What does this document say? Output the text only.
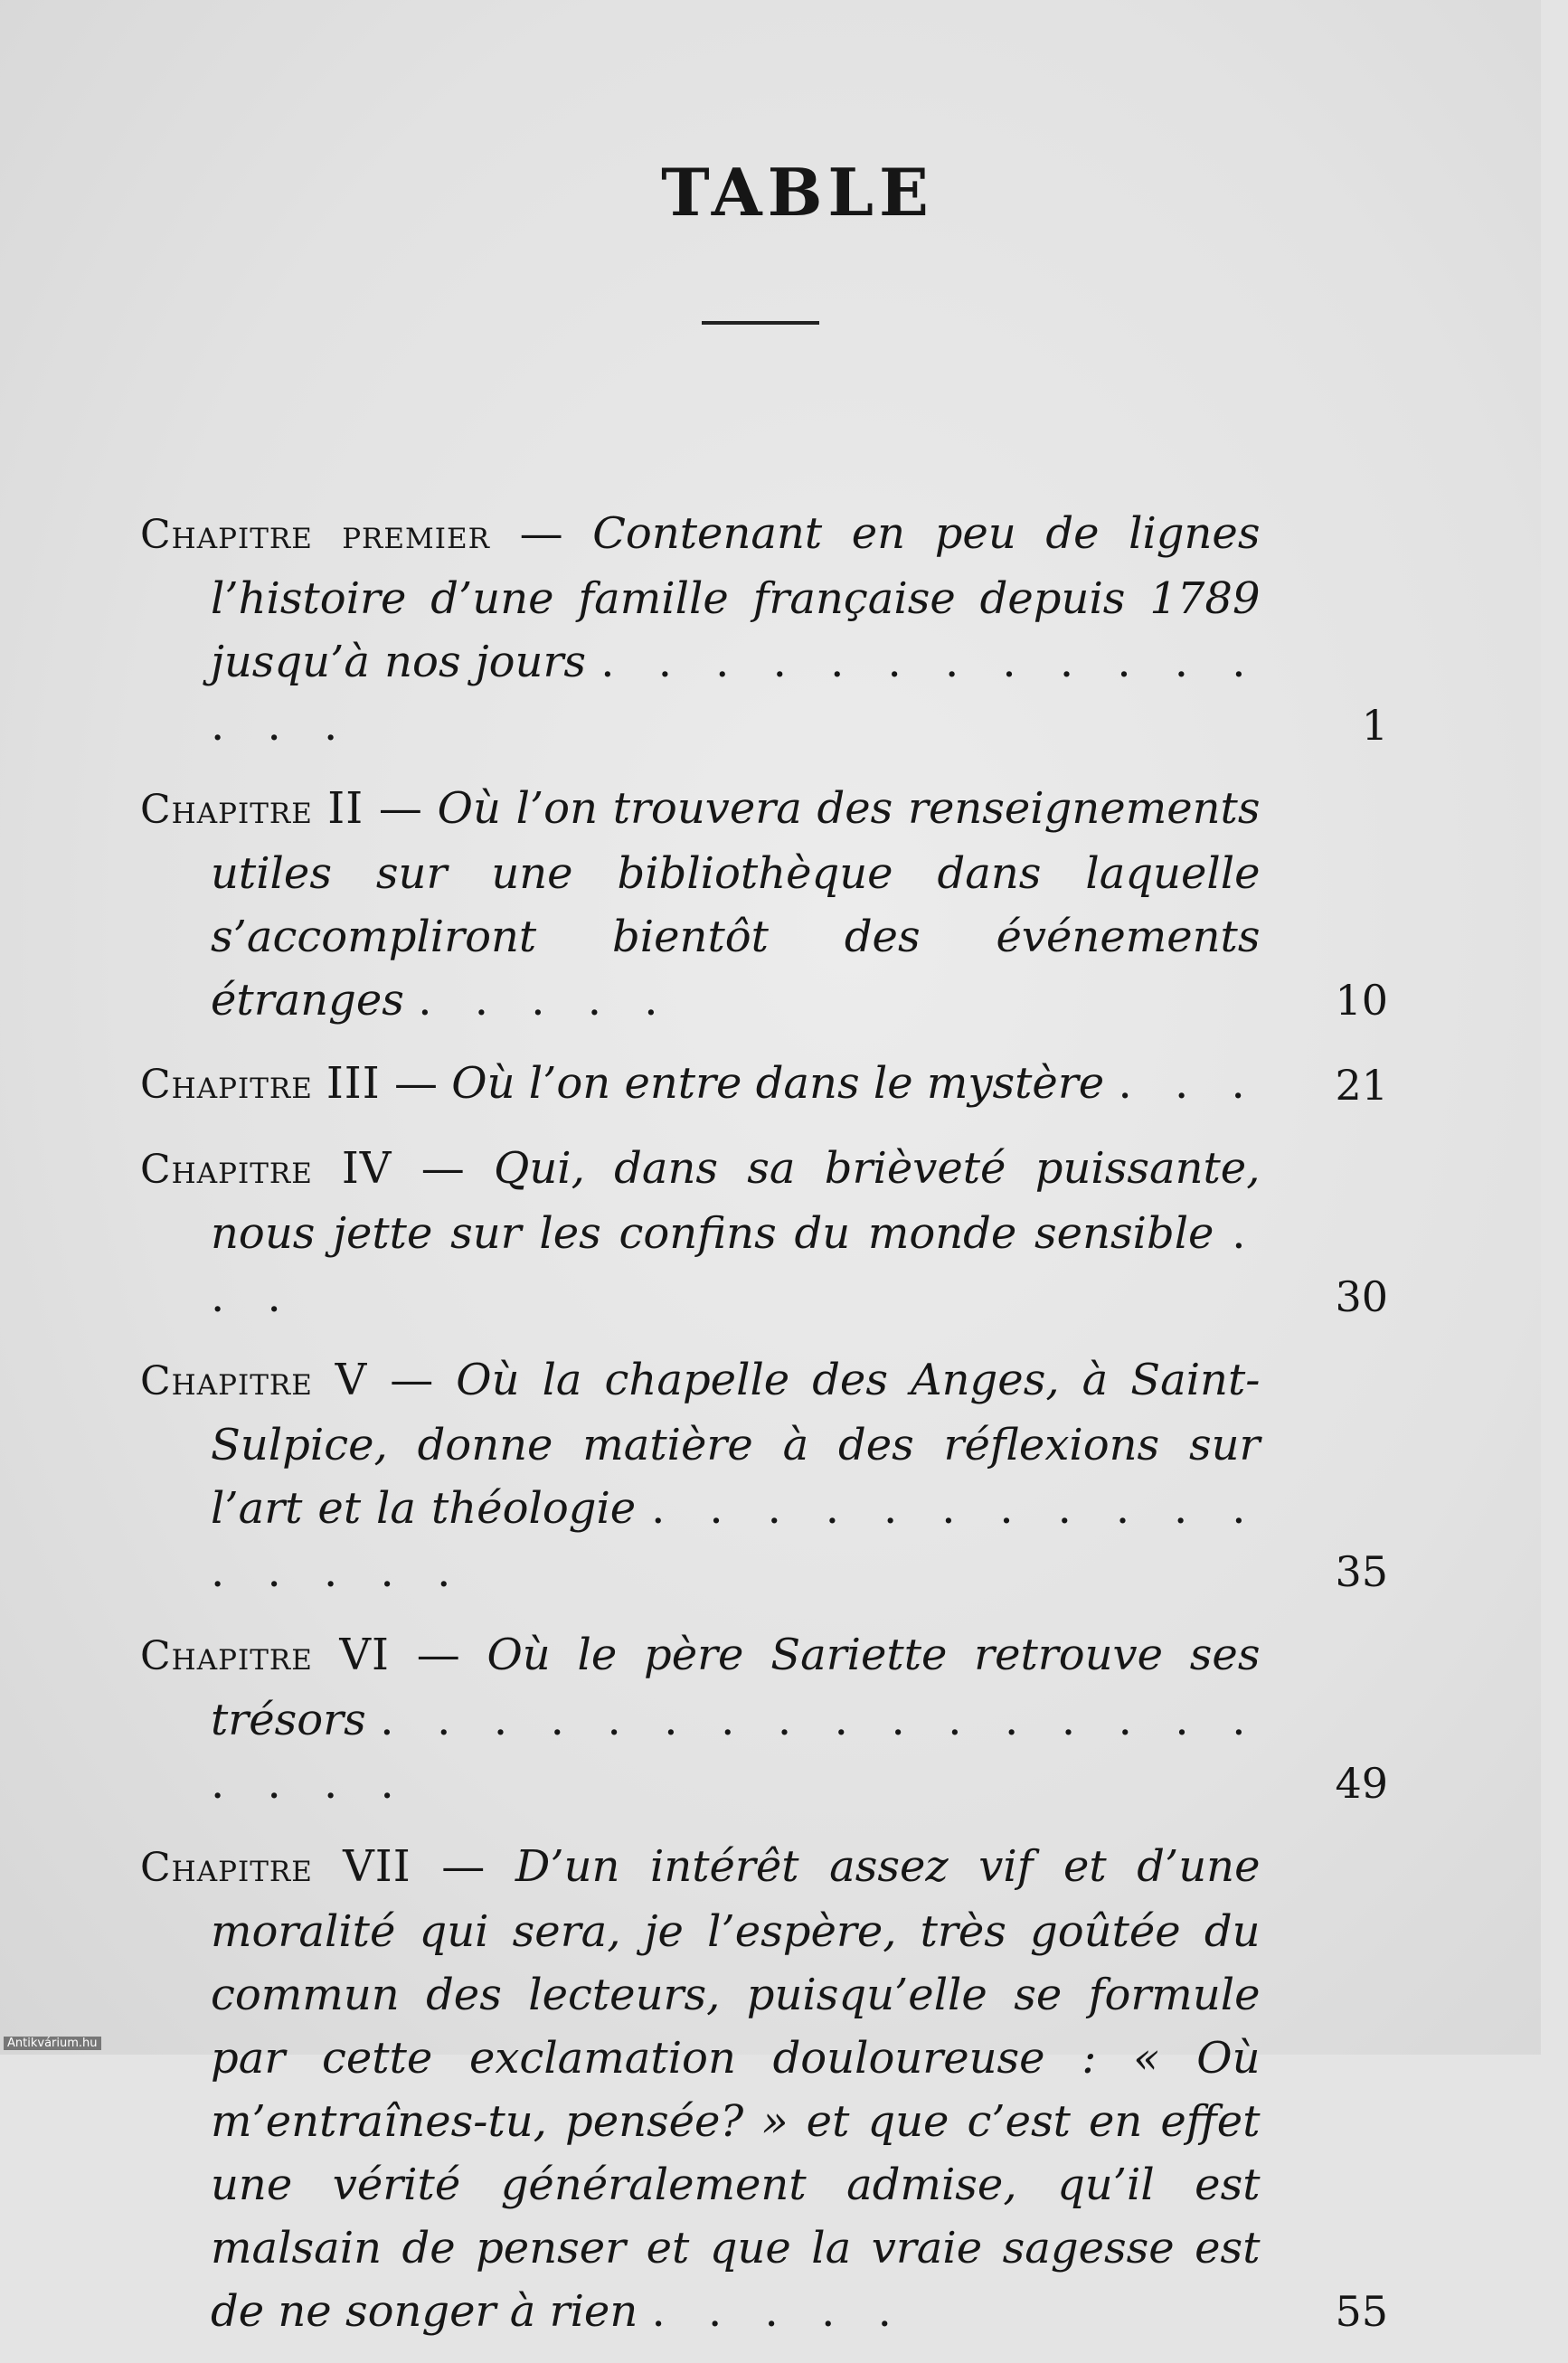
TABLE
Chapitre premier — Contenant en peu de lignes l’histoire d’une famille française depuis 1789 jusqu’à nos jours . . . . . . . . . . . . . . .	1
Chapitre II — Où l’on trouvera des renseignements utiles sur une bibliothèque dans laquelle s’accompliront bientôt des événements étranges . . . . .	10
Chapitre III — Où l’on entre dans le mystère . . .	21
Chapitre IV — Qui, dans sa brièveté puissante, nous jette sur les confins du monde sensible . . .	30
Chapitre V — Où la chapelle des Anges, à Saint-Sulpice, donne matière à des réflexions sur l’art et la théologie . . . . . . . . . . . . . . . .	35
Chapitre VI — Où le père Sariette retrouve ses trésors . . . . . . . . . . . . . . . . . . . .	49
Chapitre VII — D’un intérêt assez vif et d’une moralité qui sera, je l’espère, très goûtée du commun des lecteurs, puisqu’elle se formule par cette exclamation douloureuse : « Où m’entraînes-tu, pensée? » et que c’est en effet une vérité généralement admise, qu’il est malsain de penser et que la vraie sagesse est de ne songer à rien . . . . .	55
Antikvárium.hu
